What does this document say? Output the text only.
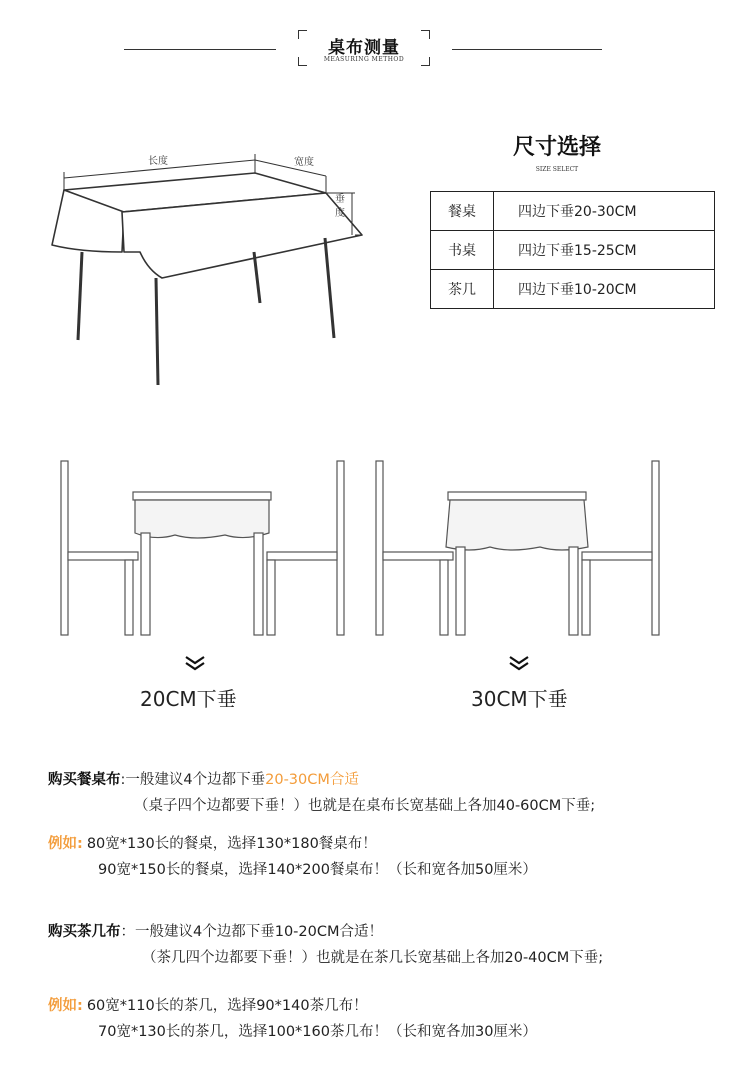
桌布测量
MEASURING METHOD
长度	宽度
垂
度
尺寸选择
SIZE SELECT
餐桌	四边下垂20-30CM
书桌	四边下垂15-25CM
茶几	四边下垂10-20CM
20CM下垂	30CM下垂
购买餐桌布:一般建议4个边都下垂20-30CM合适
（桌子四个边都要下垂！）也就是在桌布长宽基础上各加40-60CM下垂;
例如: 80宽*130长的餐桌，选择130*180餐桌布！
90宽*150长的餐桌，选择140*200餐桌布！（长和宽各加50厘米）
购买茶几布：一般建议4个边都下垂10-20CM合适！
（茶几四个边都要下垂！）也就是在茶几长宽基础上各加20-40CM下垂;
例如: 60宽*110长的茶几，选择90*140茶几布！
70宽*130长的茶几，选择100*160茶几布！（长和宽各加30厘米）
